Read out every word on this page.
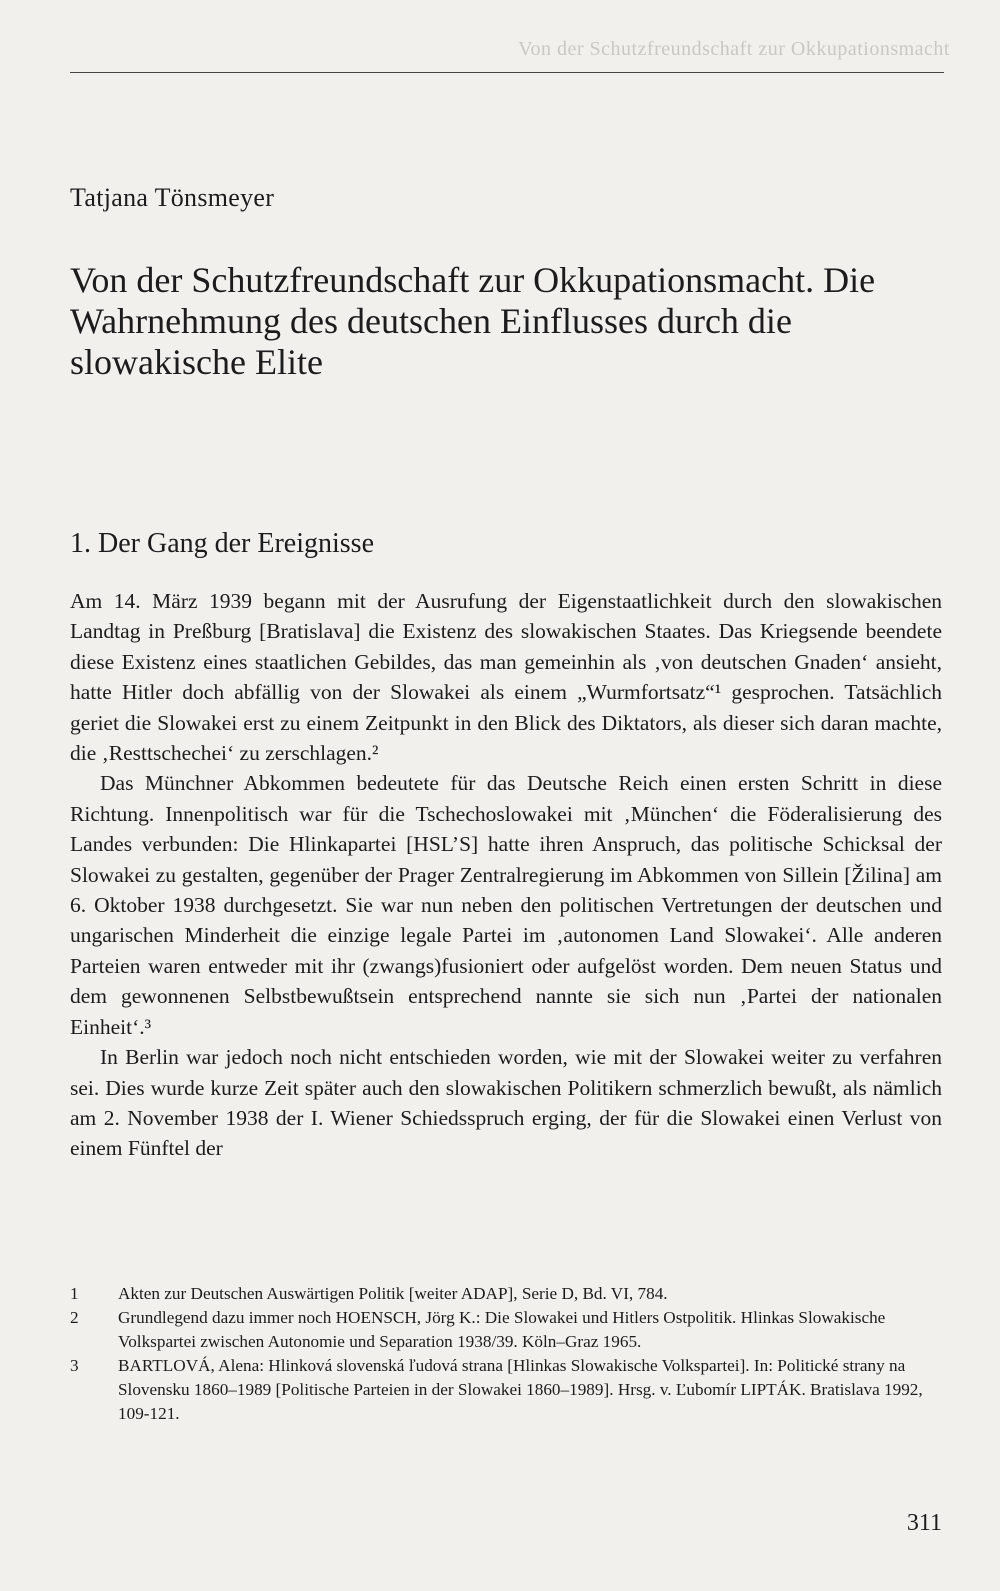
Von der Schutzfreundschaft zur Okkupationsmacht
Tatjana Tönsmeyer
Von der Schutzfreundschaft zur Okkupationsmacht. Die Wahrnehmung des deutschen Einflusses durch die slowakische Elite
1. Der Gang der Ereignisse

Am 14. März 1939 begann mit der Ausrufung der Eigenstaatlichkeit durch den slowakischen Landtag in Preßburg [Bratislava] die Existenz des slowakischen Staates. Das Kriegsende beendete diese Existenz eines staatlichen Gebildes, das man gemeinhin als ‚von deutschen Gnaden‘ ansieht, hatte Hitler doch abfällig von der Slowakei als einem „Wurmfortsatz“¹ gesprochen. Tatsächlich geriet die Slowakei erst zu einem Zeitpunkt in den Blick des Diktators, als dieser sich daran machte, die ‚Resttschechei‘ zu zerschlagen.²

Das Münchner Abkommen bedeutete für das Deutsche Reich einen ersten Schritt in diese Richtung. Innenpolitisch war für die Tschechoslowakei mit ‚München‘ die Föderalisierung des Landes verbunden: Die Hlinkapartei [HSL’S] hatte ihren Anspruch, das politische Schicksal der Slowakei zu gestalten, gegenüber der Prager Zentralregierung im Abkommen von Sillein [Žilina] am 6. Oktober 1938 durchgesetzt. Sie war nun neben den politischen Vertretungen der deutschen und ungarischen Minderheit die einzige legale Partei im ‚autonomen Land Slowakei‘. Alle anderen Parteien waren entweder mit ihr (zwangs)fusioniert oder aufgelöst worden. Dem neuen Status und dem gewonnenen Selbstbewußtsein entsprechend nannte sie sich nun ‚Partei der nationalen Einheit‘.³

In Berlin war jedoch noch nicht entschieden worden, wie mit der Slowakei weiter zu verfahren sei. Dies wurde kurze Zeit später auch den slowakischen Politikern schmerzlich bewußt, als nämlich am 2. November 1938 der I. Wiener Schiedsspruch erging, der für die Slowakei einen Verlust von einem Fünftel der

1	Akten zur Deutschen Auswärtigen Politik [weiter ADAP], Serie D, Bd. VI, 784.
2	Grundlegend dazu immer noch HOENSCH, Jörg K.: Die Slowakei und Hitlers Ostpolitik. Hlinkas Slowakische Volkspartei zwischen Autonomie und Separation 1938/39. Köln–Graz 1965.
3	BARTLOVÁ, Alena: Hlinková slovenská ľudová strana [Hlinkas Slowakische Volkspartei]. In: Politické strany na Slovensku 1860–1989 [Politische Parteien in der Slowakei 1860–1989]. Hrsg. v. Ľubomír LIPTÁK. Bratislava 1992, 109-121.
311
